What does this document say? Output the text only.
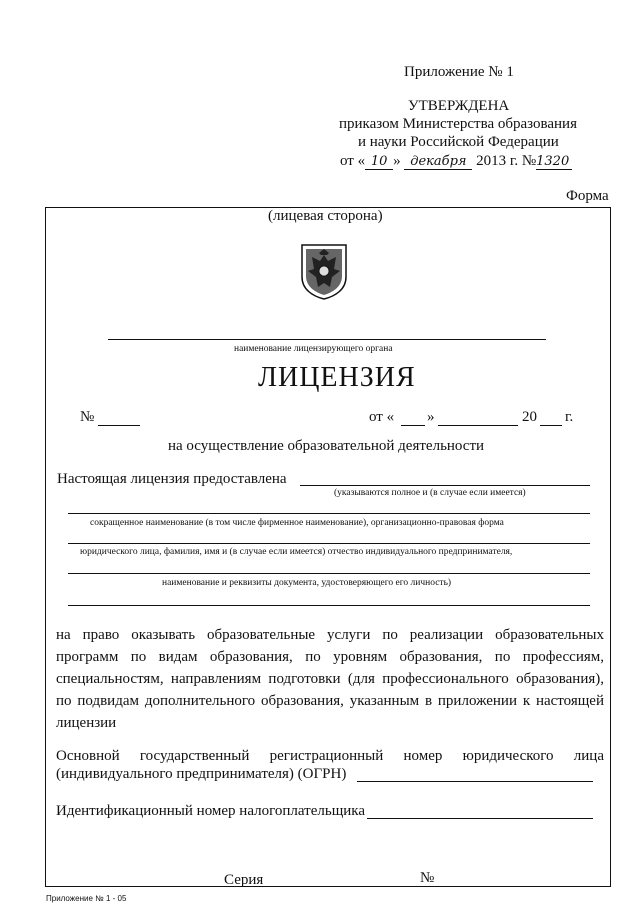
Приложение № 1
УТВЕРЖДЕНА
приказом Министерства образования
и науки Российской Федерации
от « 10 » декабря 2013 г. №1320
Форма
(лицевая сторона)
наименование лицензирующего органа
ЛИЦЕНЗИЯ
№	от « »	20 г.
на осуществление образовательной деятельности
Настоящая лицензия предоставлена
(указываются полное и (в случае если имеется)
сокращенное наименование (в том числе фирменное наименование), организационно-правовая форма
юридического лица, фамилия, имя и (в случае если имеется) отчество индивидуального предпринимателя,
наименование и реквизиты документа, удостоверяющего его личность)
на право оказывать образовательные услуги по реализации образовательных
программ по видам образования, по уровням образования, по профессиям,
специальностям, направлениям подготовки (для профессионального образования),
по подвидам дополнительного образования, указанным в приложении к настоящей
лицензии
Основной государственный регистрационный номер юридического лица
(индивидуального предпринимателя) (ОГРН)
Идентификационный номер налогоплательщика
Серия	№
Приложение № 1 - 05
